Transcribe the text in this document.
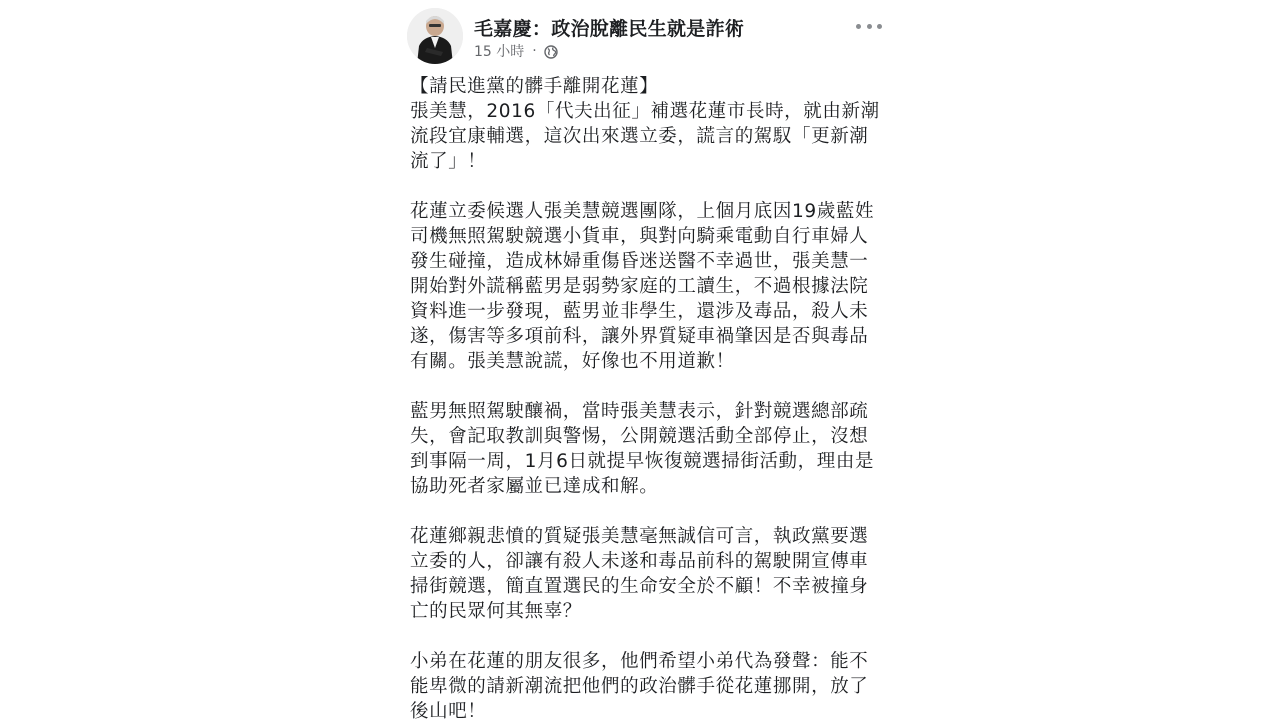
毛嘉慶：政治脫離民生就是詐術
15 小時 ·

【請民進黨的髒手離開花蓮】
張美慧，2016「代夫出征」補選花蓮市長時，就由新潮
流段宜康輔選，這次出來選立委，謊言的駕馭「更新潮
流了」！

花蓮立委候選人張美慧競選團隊，上個月底因19歲藍姓
司機無照駕駛競選小貨車，與對向騎乘電動自行車婦人
發生碰撞，造成林婦重傷昏迷送醫不幸過世，張美慧一
開始對外謊稱藍男是弱勢家庭的工讀生，不過根據法院
資料進一步發現，藍男並非學生，還涉及毒品，殺人未
遂，傷害等多項前科，讓外界質疑車禍肇因是否與毒品
有關。張美慧說謊，好像也不用道歉！

藍男無照駕駛釀禍，當時張美慧表示，針對競選總部疏
失，會記取教訓與警惕，公開競選活動全部停止，沒想
到事隔一周，1月6日就提早恢復競選掃街活動，理由是
協助死者家屬並已達成和解。

花蓮鄉親悲憤的質疑張美慧毫無誠信可言，執政黨要選
立委的人，卻讓有殺人未遂和毒品前科的駕駛開宣傳車
掃街競選，簡直置選民的生命安全於不顧！不幸被撞身
亡的民眾何其無辜？

小弟在花蓮的朋友很多，他們希望小弟代為發聲：能不
能卑微的請新潮流把他們的政治髒手從花蓮挪開，放了
後山吧！
